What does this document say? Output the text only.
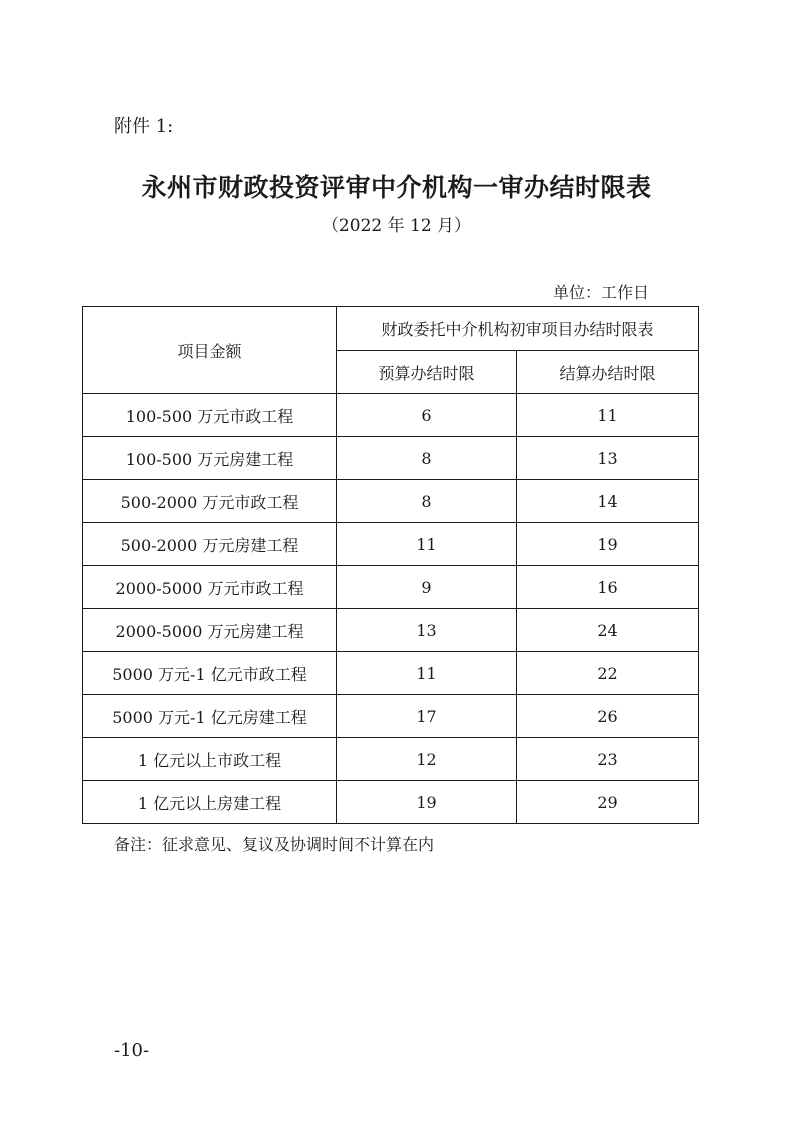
附件 1:
永州市财政投资评审中介机构一审办结时限表
（2022 年 12 月）
单位：工作日
项目金额	财政委托中介机构初审项目办结时限表	
	预算办结时限	结算办结时限
100-500 万元市政工程	6	11
100-500 万元房建工程	8	13
500-2000 万元市政工程	8	14
500-2000 万元房建工程	11	19
2000-5000 万元市政工程	9	16
2000-5000 万元房建工程	13	24
5000 万元-1 亿元市政工程	11	22
5000 万元-1 亿元房建工程	17	26
1 亿元以上市政工程	12	23
1 亿元以上房建工程	19	29
备注：征求意见、复议及协调时间不计算在内
-10-
